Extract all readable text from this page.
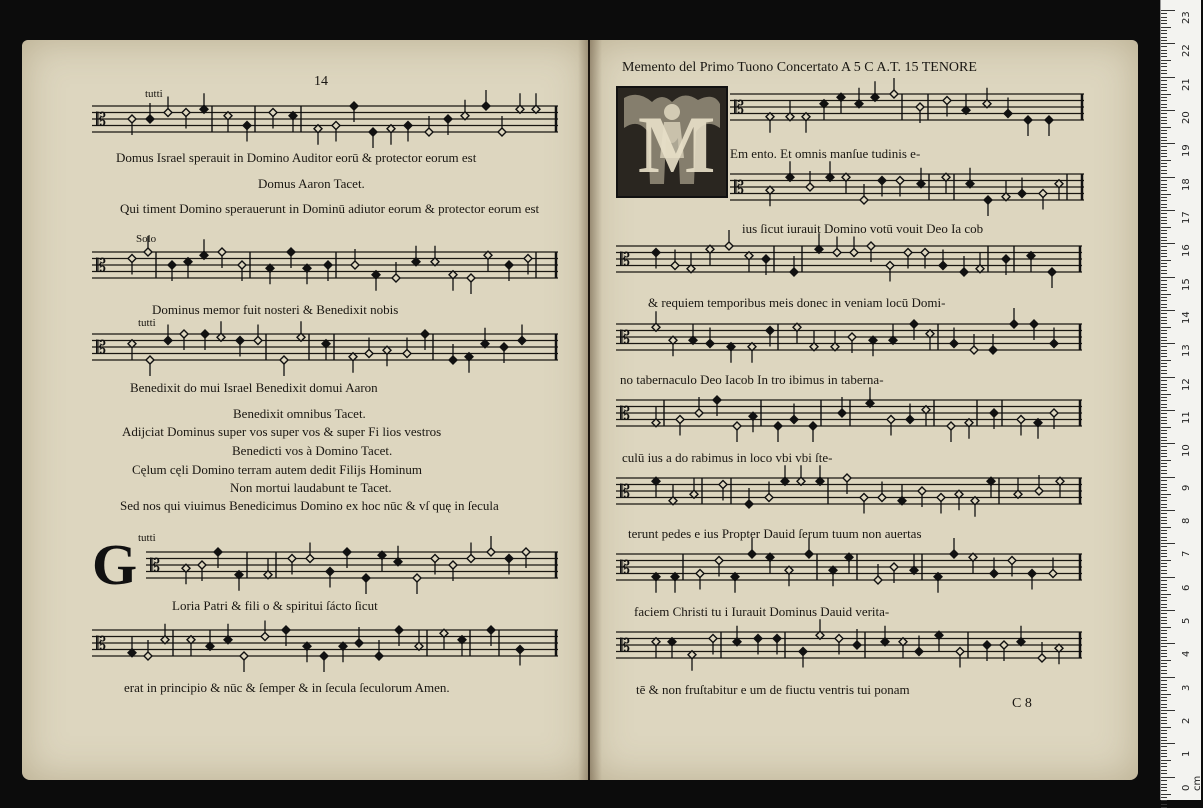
14
tutti
𝄡
Domus Israel sperauit in Domino Auditor eorū & protector eorum est
Domus Aaron Tacet.
Qui timent Domino sperauerunt in Dominū adiutor eorum & protector eorum est
Solo
𝄡
Dominus memor fuit nosteri & Benedixit nobis
tutti
𝄡
Benedixit do mui Israel Benedixit domui Aaron
Benedixit omnibus Tacet.
Adijciat Dominus super vos super vos & super Fi lios vestros
Benedicti vos à Domino Tacet.
Cęlum cęli Domino terram autem dedit Filijs Hominum
Non mortui laudabunt te Tacet.
Sed nos qui viuimus Benedicimus Domino ex hoc nūc & vſ quę in ſecula
tutti
G 𝄡
Loria Patri & fili o & spiritui ſácto ſicut
𝄡
erat in principio & nūc & ſemper & in ſecula ſeculorum Amen.
Memento del Primo Tuono Concertato A 5 C A.T. 15 TENORE
M 𝄡
Em ento. Et omnis manſue tudinis e-
𝄡
ius ſicut iurauit Domino votū vouit Deo Ia cob
𝄡
& requiem temporibus meis donec in veniam locū Domi-
𝄡
no tabernaculo Deo Iacob In tro ibimus in taberna-
𝄡
culū ius a do rabimus in loco vbi vbi ſte-
𝄡
terunt pedes e ius Propter Dauid ſerum tuum non auertas
𝄡
faciem Christi tu i Iurauit Dominus Dauid verita-
𝄡
tē & non fruſtabitur e um de fiuctu ventris tui ponam
C 8
23
22
21
20
19
18
17
16
15
14
13
12
11
10
9
8
7
6
5
4
3
2
1
0 cm
